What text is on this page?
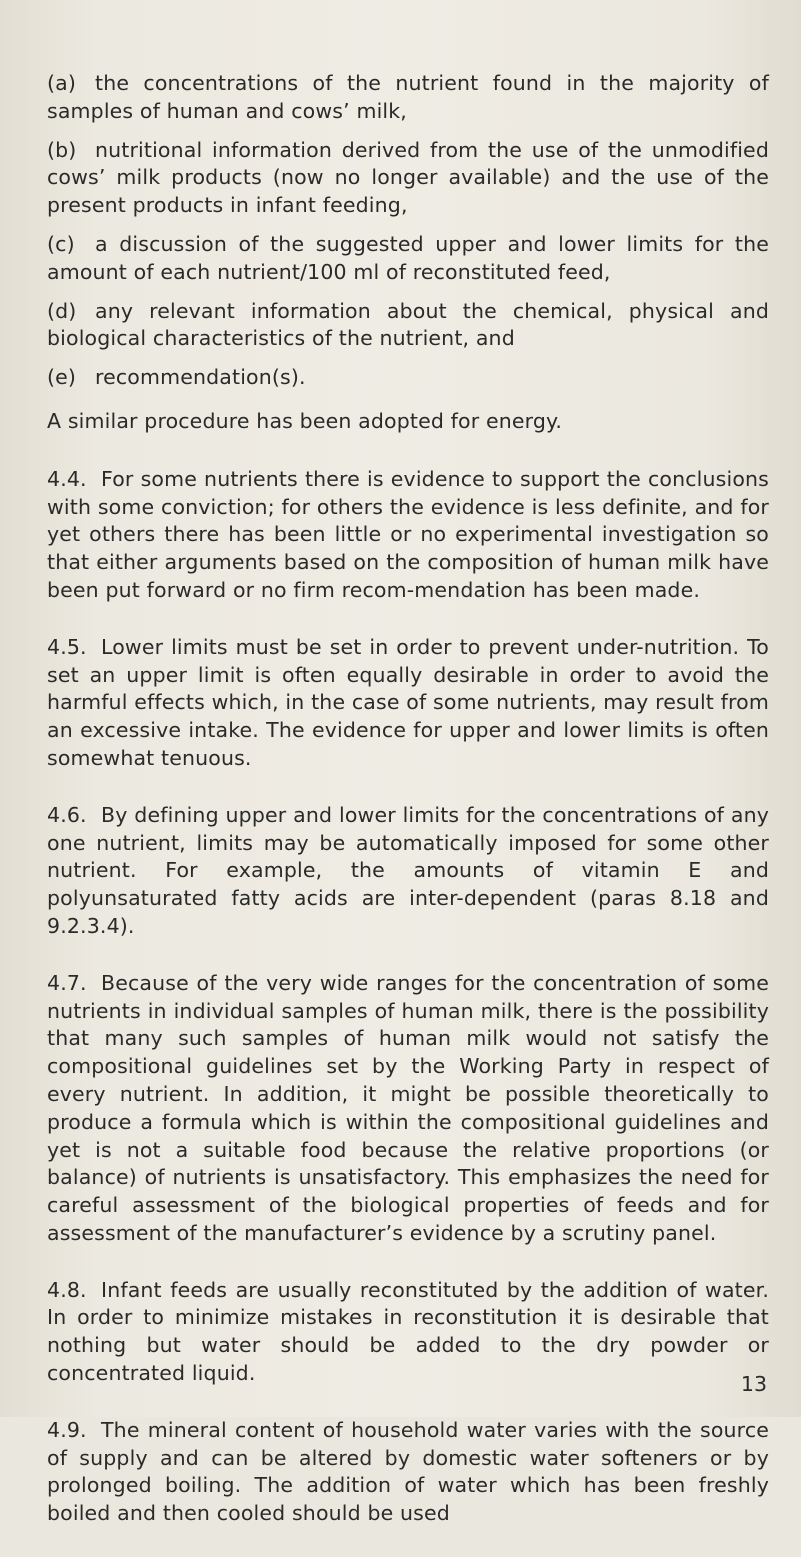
(a) the concentrations of the nutrient found in the majority of samples of human and cows’ milk,

(b) nutritional information derived from the use of the unmodified cows’ milk products (now no longer available) and the use of the present products in infant feeding,

(c) a discussion of the suggested upper and lower limits for the amount of each nutrient/100 ml of reconstituted feed,

(d) any relevant information about the chemical, physical and biological characteristics of the nutrient, and

(e) recommendation(s).

A similar procedure has been adopted for energy.

4.4. For some nutrients there is evidence to support the conclusions with some conviction; for others the evidence is less definite, and for yet others there has been little or no experimental investigation so that either arguments based on the composition of human milk have been put forward or no firm recom-mendation has been made.

4.5. Lower limits must be set in order to prevent under-nutrition. To set an upper limit is often equally desirable in order to avoid the harmful effects which, in the case of some nutrients, may result from an excessive intake. The evidence for upper and lower limits is often somewhat tenuous.

4.6. By defining upper and lower limits for the concentrations of any one nutrient, limits may be automatically imposed for some other nutrient. For example, the amounts of vitamin E and polyunsaturated fatty acids are inter-dependent (paras 8.18 and 9.2.3.4).

4.7. Because of the very wide ranges for the concentration of some nutrients in individual samples of human milk, there is the possibility that many such samples of human milk would not satisfy the compositional guidelines set by the Working Party in respect of every nutrient. In addition, it might be possible theoretically to produce a formula which is within the compositional guidelines and yet is not a suitable food because the relative proportions (or balance) of nutrients is unsatisfactory. This emphasizes the need for careful assessment of the biological properties of feeds and for assessment of the manufacturer’s evidence by a scrutiny panel.

4.8. Infant feeds are usually reconstituted by the addition of water. In order to minimize mistakes in reconstitution it is desirable that nothing but water should be added to the dry powder or concentrated liquid.

4.9. The mineral content of household water varies with the source of supply and can be altered by domestic water softeners or by prolonged boiling. The addition of water which has been freshly boiled and then cooled should be used

13
